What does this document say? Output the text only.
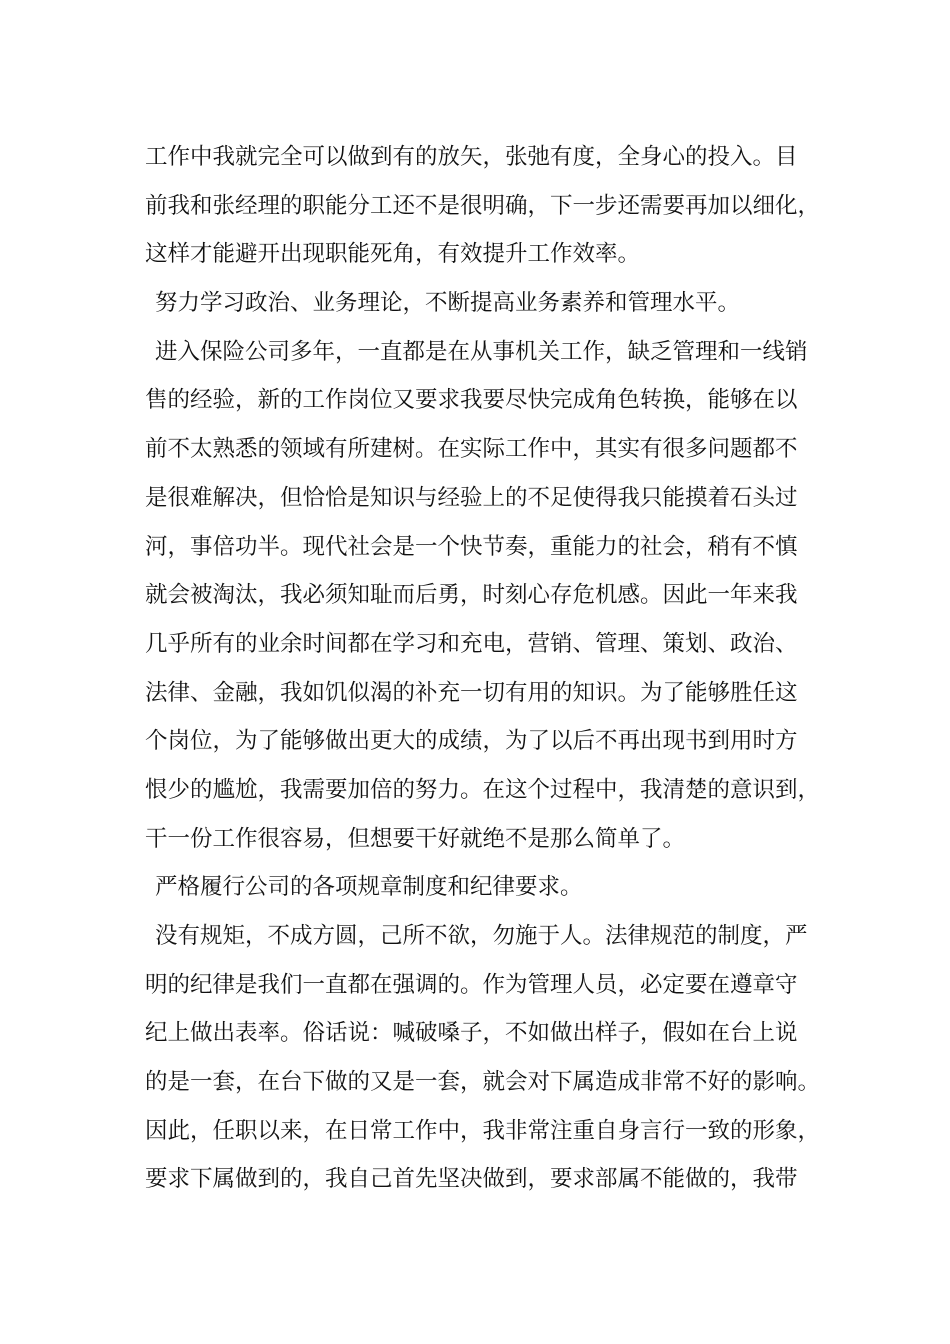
工作中我就完全可以做到有的放矢，张弛有度，全身心的投入。目
前我和张经理的职能分工还不是很明确，下一步还需要再加以细化，
这样才能避开出现职能死角，有效提升工作效率。
努力学习政治、业务理论，不断提高业务素养和管理水平。
进入保险公司多年，一直都是在从事机关工作，缺乏管理和一线销
售的经验，新的工作岗位又要求我要尽快完成角色转换，能够在以
前不太熟悉的领域有所建树。在实际工作中，其实有很多问题都不
是很难解决，但恰恰是知识与经验上的不足使得我只能摸着石头过
河，事倍功半。现代社会是一个快节奏，重能力的社会，稍有不慎
就会被淘汰，我必须知耻而后勇，时刻心存危机感。因此一年来我
几乎所有的业余时间都在学习和充电，营销、管理、策划、政治、
法律、金融，我如饥似渴的补充一切有用的知识。为了能够胜任这
个岗位，为了能够做出更大的成绩，为了以后不再出现书到用时方
恨少的尴尬，我需要加倍的努力。在这个过程中，我清楚的意识到，
干一份工作很容易，但想要干好就绝不是那么简单了。
严格履行公司的各项规章制度和纪律要求。
没有规矩，不成方圆，己所不欲，勿施于人。法律规范的制度，严
明的纪律是我们一直都在强调的。作为管理人员，必定要在遵章守
纪上做出表率。俗话说：喊破嗓子，不如做出样子，假如在台上说
的是一套，在台下做的又是一套，就会对下属造成非常不好的影响。
因此，任职以来，在日常工作中，我非常注重自身言行一致的形象，
要求下属做到的，我自己首先坚决做到，要求部属不能做的，我带
